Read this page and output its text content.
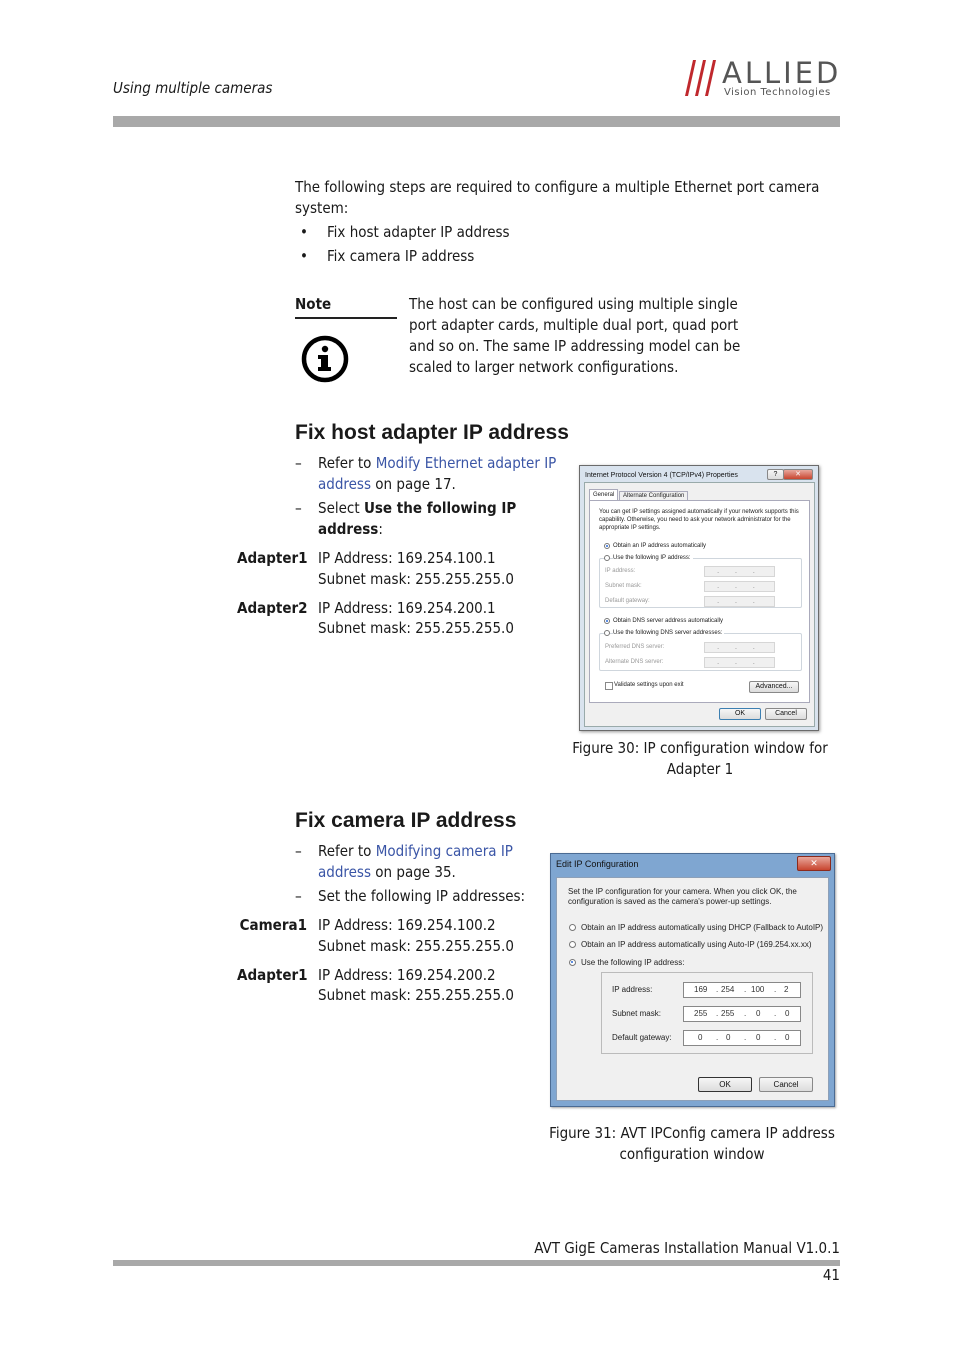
Using multiple cameras	ALLIED
Vision Technologies
The following steps are required to configure a multiple Ethernet port camera system:
• Fix host adapter IP address
• Fix camera IP address
Note	The host can be configured using multiple single port adapter cards, multiple dual port, quad port and so on. The same IP addressing model can be scaled to larger network configurations.
Fix host adapter IP address
– Refer to Modify Ethernet adapter IP address on page 17.
– Select Use the following IP address:
Adapter1 IP Address: 169.254.100.1
Subnet mask: 255.255.255.0
Adapter2 IP Address: 169.254.200.1
Subnet mask: 255.255.255.0
Internet Protocol Version 4 (TCP/IPv4) Properties	?	✕
General	Alternate Configuration
You can get IP settings assigned automatically if your network supports this capability. Otherwise, you need to ask your network administrator for the appropriate IP settings.
Obtain an IP address automatically
Use the following IP address:
IP address:	. . .
Subnet mask:	. . .
Default gateway:	. . .
Obtain DNS server address automatically
Use the following DNS server addresses:
Preferred DNS server:	. . .
Alternate DNS server:	. . .
Validate settings upon exit	Advanced...
OK	Cancel
Figure 30: IP configuration window for Adapter 1
Fix camera IP address
– Refer to Modifying camera IP address on page 35.
– Set the following IP addresses:
Camera1 IP Address: 169.254.100.2
Subnet mask: 255.255.255.0
Adapter1 IP Address: 169.254.200.2
Subnet mask: 255.255.255.0
Edit IP Configuration	✕
Set the IP configuration for your camera. When you click OK, the configuration is saved as the camera's power-up settings.
Obtain an IP address automatically using DHCP (Fallback to AutoIP)
Obtain an IP address automatically using Auto-IP (169.254.xx.xx)
Use the following IP address:
IP address:	169 . 254 . 100 . 2
Subnet mask:	255 . 255 . 0 . 0
Default gateway:	0 . 0 . 0 . 0
OK	Cancel
Figure 31: AVT IPConfig camera IP address configuration window
AVT GigE Cameras Installation Manual V1.0.1
41
